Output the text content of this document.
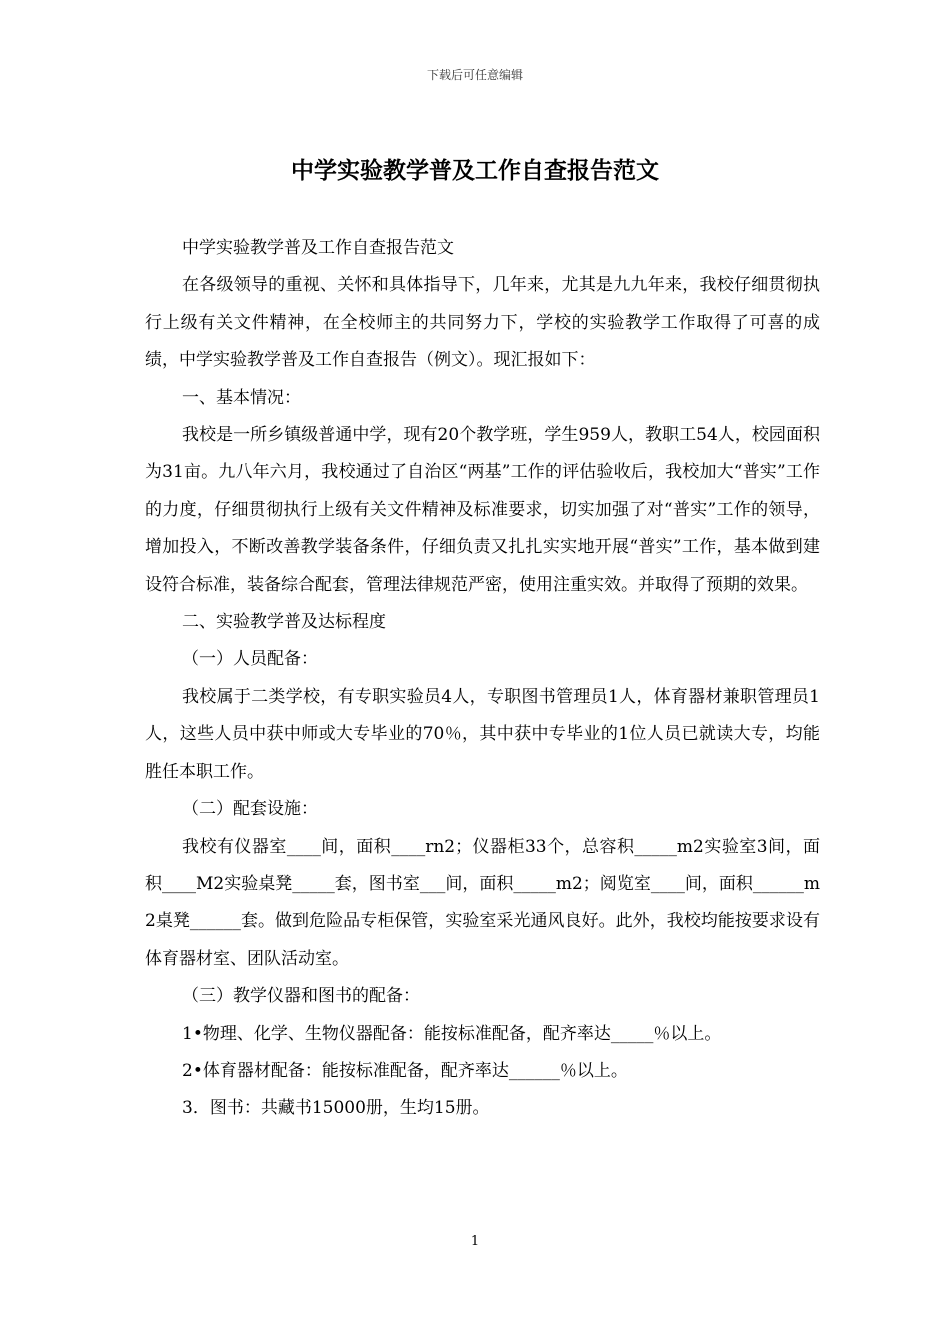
下载后可任意编辑
中学实验教学普及工作自查报告范文

中学实验教学普及工作自查报告范文

在各级领导的重视、关怀和具体指导下，几年来，尤其是九九年来，我校仔细贯彻执行上级有关文件精神，在全校师主的共同努力下，学校的实验教学工作取得了可喜的成绩，中学实验教学普及工作自查报告（例文）。现汇报如下：

一、基本情况：

我校是一所乡镇级普通中学，现有20个教学班，学生959人，教职工54人，校园面积为31亩。九八年六月，我校通过了自治区“两基”工作的评估验收后，我校加大“普实”工作的力度，仔细贯彻执行上级有关文件精神及标准要求，切实加强了对“普实”工作的领导，增加投入，不断改善教学装备条件，仔细负责又扎扎实实地开展“普实”工作，基本做到建设符合标准，装备综合配套，管理法律规范严密，使用注重实效。并取得了预期的效果。

二、实验教学普及达标程度

（一）人员配备：

我校属于二类学校，有专职实验员4人，专职图书管理员1人，体育器材兼职管理员1人，这些人员中获中师或大专毕业的70％，其中获中专毕业的1位人员已就读大专，均能胜任本职工作。

（二）配套设施：

我校有仪器室____间，面积____rn2；仪器柜33个，总容积_____m2实验室3间，面积____M2实验桌凳_____套，图书室___间，面积_____m2；阅览室____间，面积______m2桌凳______套。做到危险品专柜保管，实验室采光通风良好。此外，我校均能按要求设有体育器材室、团队活动室。

（三）教学仪器和图书的配备：

1•物理、化学、生物仪器配备：能按标准配备，配齐率达_____％以上。

2•体育器材配备：能按标准配备，配齐率达______％以上。

3．图书：共藏书15000册，生均15册。

1
